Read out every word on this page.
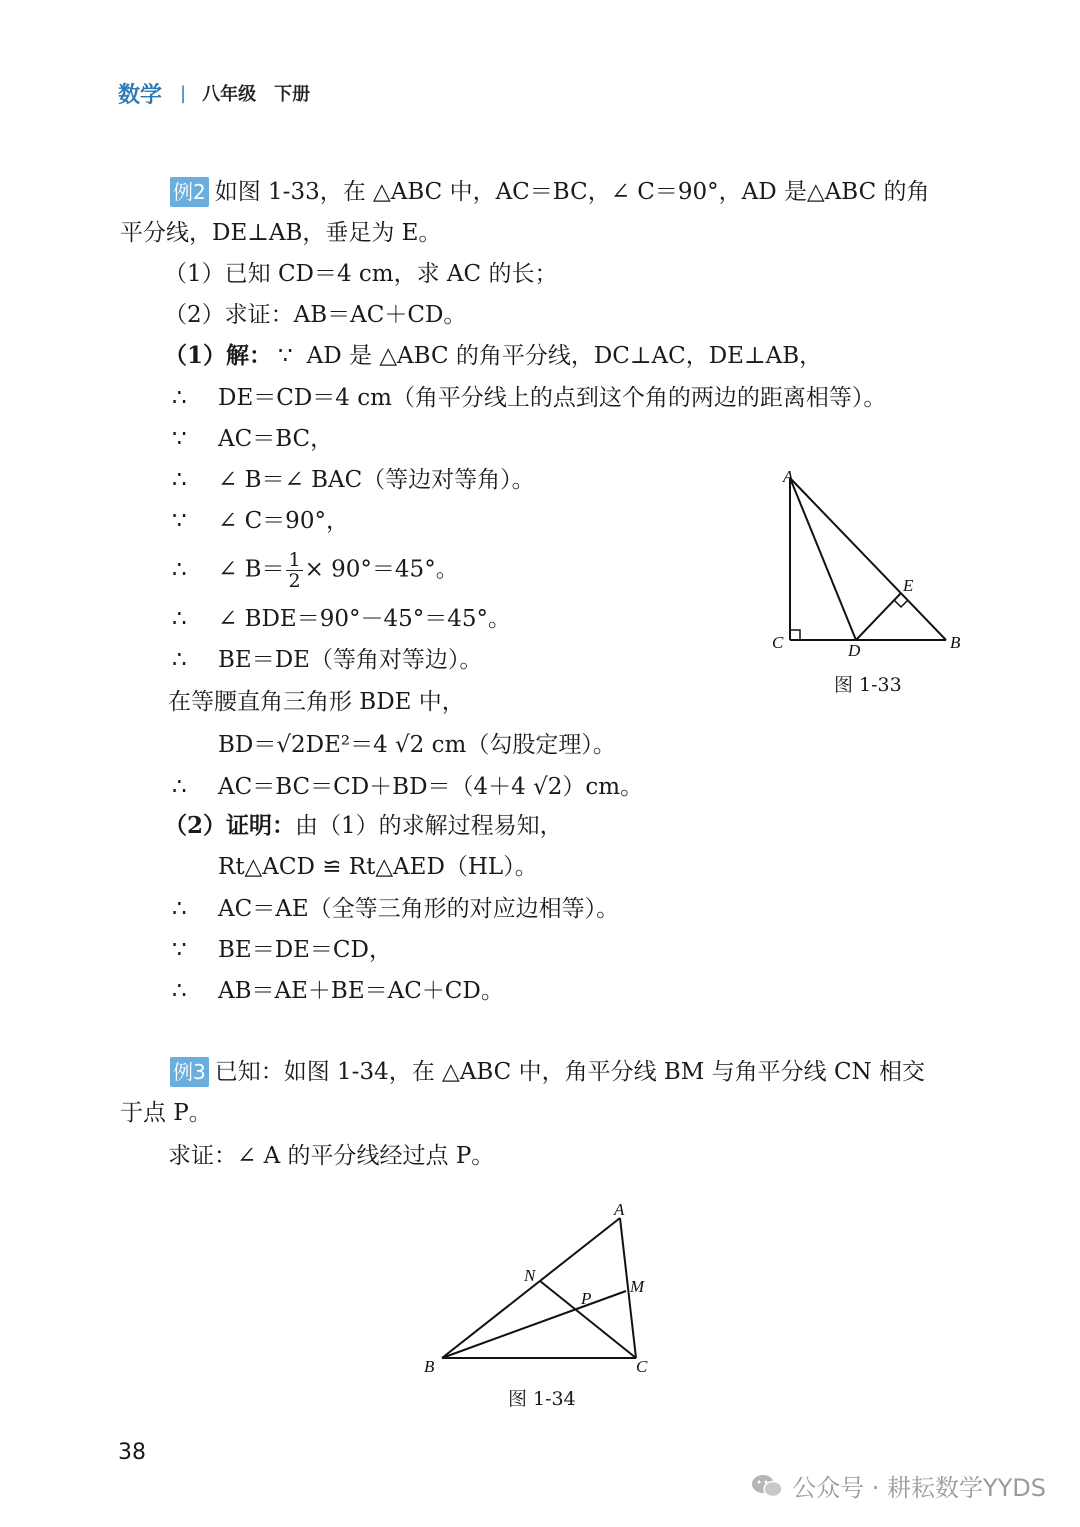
数学 | 八年级 下册
例2 如图 1-33，在 △ABC 中，AC＝BC，∠ C＝90°，AD 是△ABC 的角
平分线，DE⊥AB，垂足为 E。
（1）已知 CD＝4 cm，求 AC 的长；
（2）求证：AB＝AC＋CD。
（1）解： ∵ AD 是 △ABC 的角平分线，DC⊥AC，DE⊥AB，
∴ DE＝CD＝4 cm（角平分线上的点到这个角的两边的距离相等）。
∵ AC＝BC，
∴ ∠ B＝∠ BAC（等边对等角）。
∵ ∠ C＝90°，
∴ ∠ $B= \frac{1}{2} \times 90^\circ=45^\circ$。
∴ ∠ BDE＝90°－45°＝45°。
∴ BE＝DE（等角对等边）。
在等腰直角三角形 BDE 中，
BD＝√2DE²＝4 √2 cm（勾股定理）。
∴ AC＝BC＝CD＋BD＝（4＋4 √2）cm。
（2）证明：由（1）的求解过程易知，
Rt△ACD ≌ Rt△AED（HL）。
∴ AC＝AE（全等三角形的对应边相等）。
∵ BE＝DE＝CD，
∴ AB＝AE＋BE＝AC＋CD。
A
E
C	D	B
图 1-33
例3 已知：如图 1-34，在 △ABC 中，角平分线 BM 与角平分线 CN 相交
于点 P。
求证：∠ A 的平分线经过点 P。
A
N
M
P
B	C
图 1-34
38
公众号 · 耕耘数学YYDS
